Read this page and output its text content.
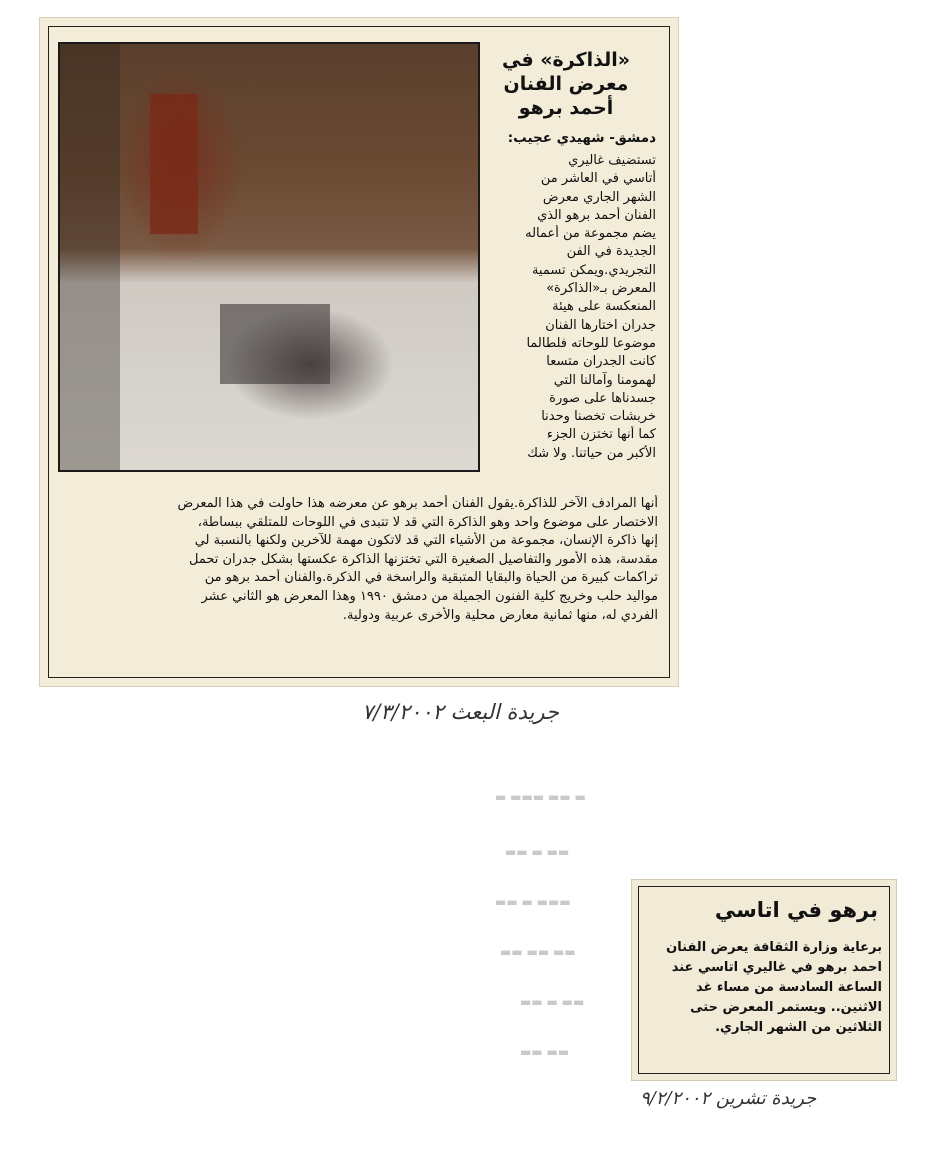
«الذاكرة» في
معرض الفنان
أحمد برهو
دمشق- شهيدي عجيب:
تستضيف غاليري
أتاسي في العاشر من
الشهر الجاري معرض
الفنان أحمد برهو الذي
يضم مجموعة من أعماله
الجديدة في الفن
التجريدي.ويمكن تسمية
المعرض بـ«الذاكرة»
المنعكسة على هيئة
جدران اختارها الفنان
موضوعا للوحاته فلطالما
كانت الجدران متسعا
لهمومنا وآمالنا التي
جسدناها على صورة
خربشات تخصنا وحدنا
كما أنها تختزن الجزء
الأكبر من حياتنا. ولا شك
أنها المرادف الآخر للذاكرة.يقول الفنان أحمد برهو عن معرضه هذا حاولت في هذا المعرض
الاختصار على موضوع واحد وهو الذاكرة التي قد لا تتبدى في اللوحات للمتلقي ببساطة،
إنها ذاكرة الإنسان، مجموعة من الأشياء التي قد لاتكون مهمة للآخرين ولكنها بالنسبة لي
مقدسة، هذه الأمور والتفاصيل الصغيرة التي تختزنها الذاكرة عكستها بشكل جدران تحمل
تراكمات كبيرة من الحياة والبقايا المتبقية والراسخة في الذكرة.والفنان أحمد برهو من
مواليد حلب وخريج كلية الفنون الجميلة من دمشق ١٩٩٠ وهذا المعرض هو الثاني عشر
الفردي له، منها ثمانية معارض محلية والأخرى عربية ودولية.
جريدة البعث ٧/٣/٢٠٠٢
▬ ▬▬ ▬▬▬ ▬
▬▬ ▬ ▬▬
▬▬▬ ▬ ▬▬
▬▬ ▬▬ ▬▬
▬▬ ▬ ▬▬
▬▬ ▬▬
برهو في اتاسي
برعاية وزارة الثقافة يعرض الفنان
احمد برهو في غاليري اتاسي عند
الساعة السادسة من مساء غد
الاثنين.. ويستمر المعرض حتى
الثلاثين من الشهر الجاري.
جريدة تشرين ٩/٢/٢٠٠٢
